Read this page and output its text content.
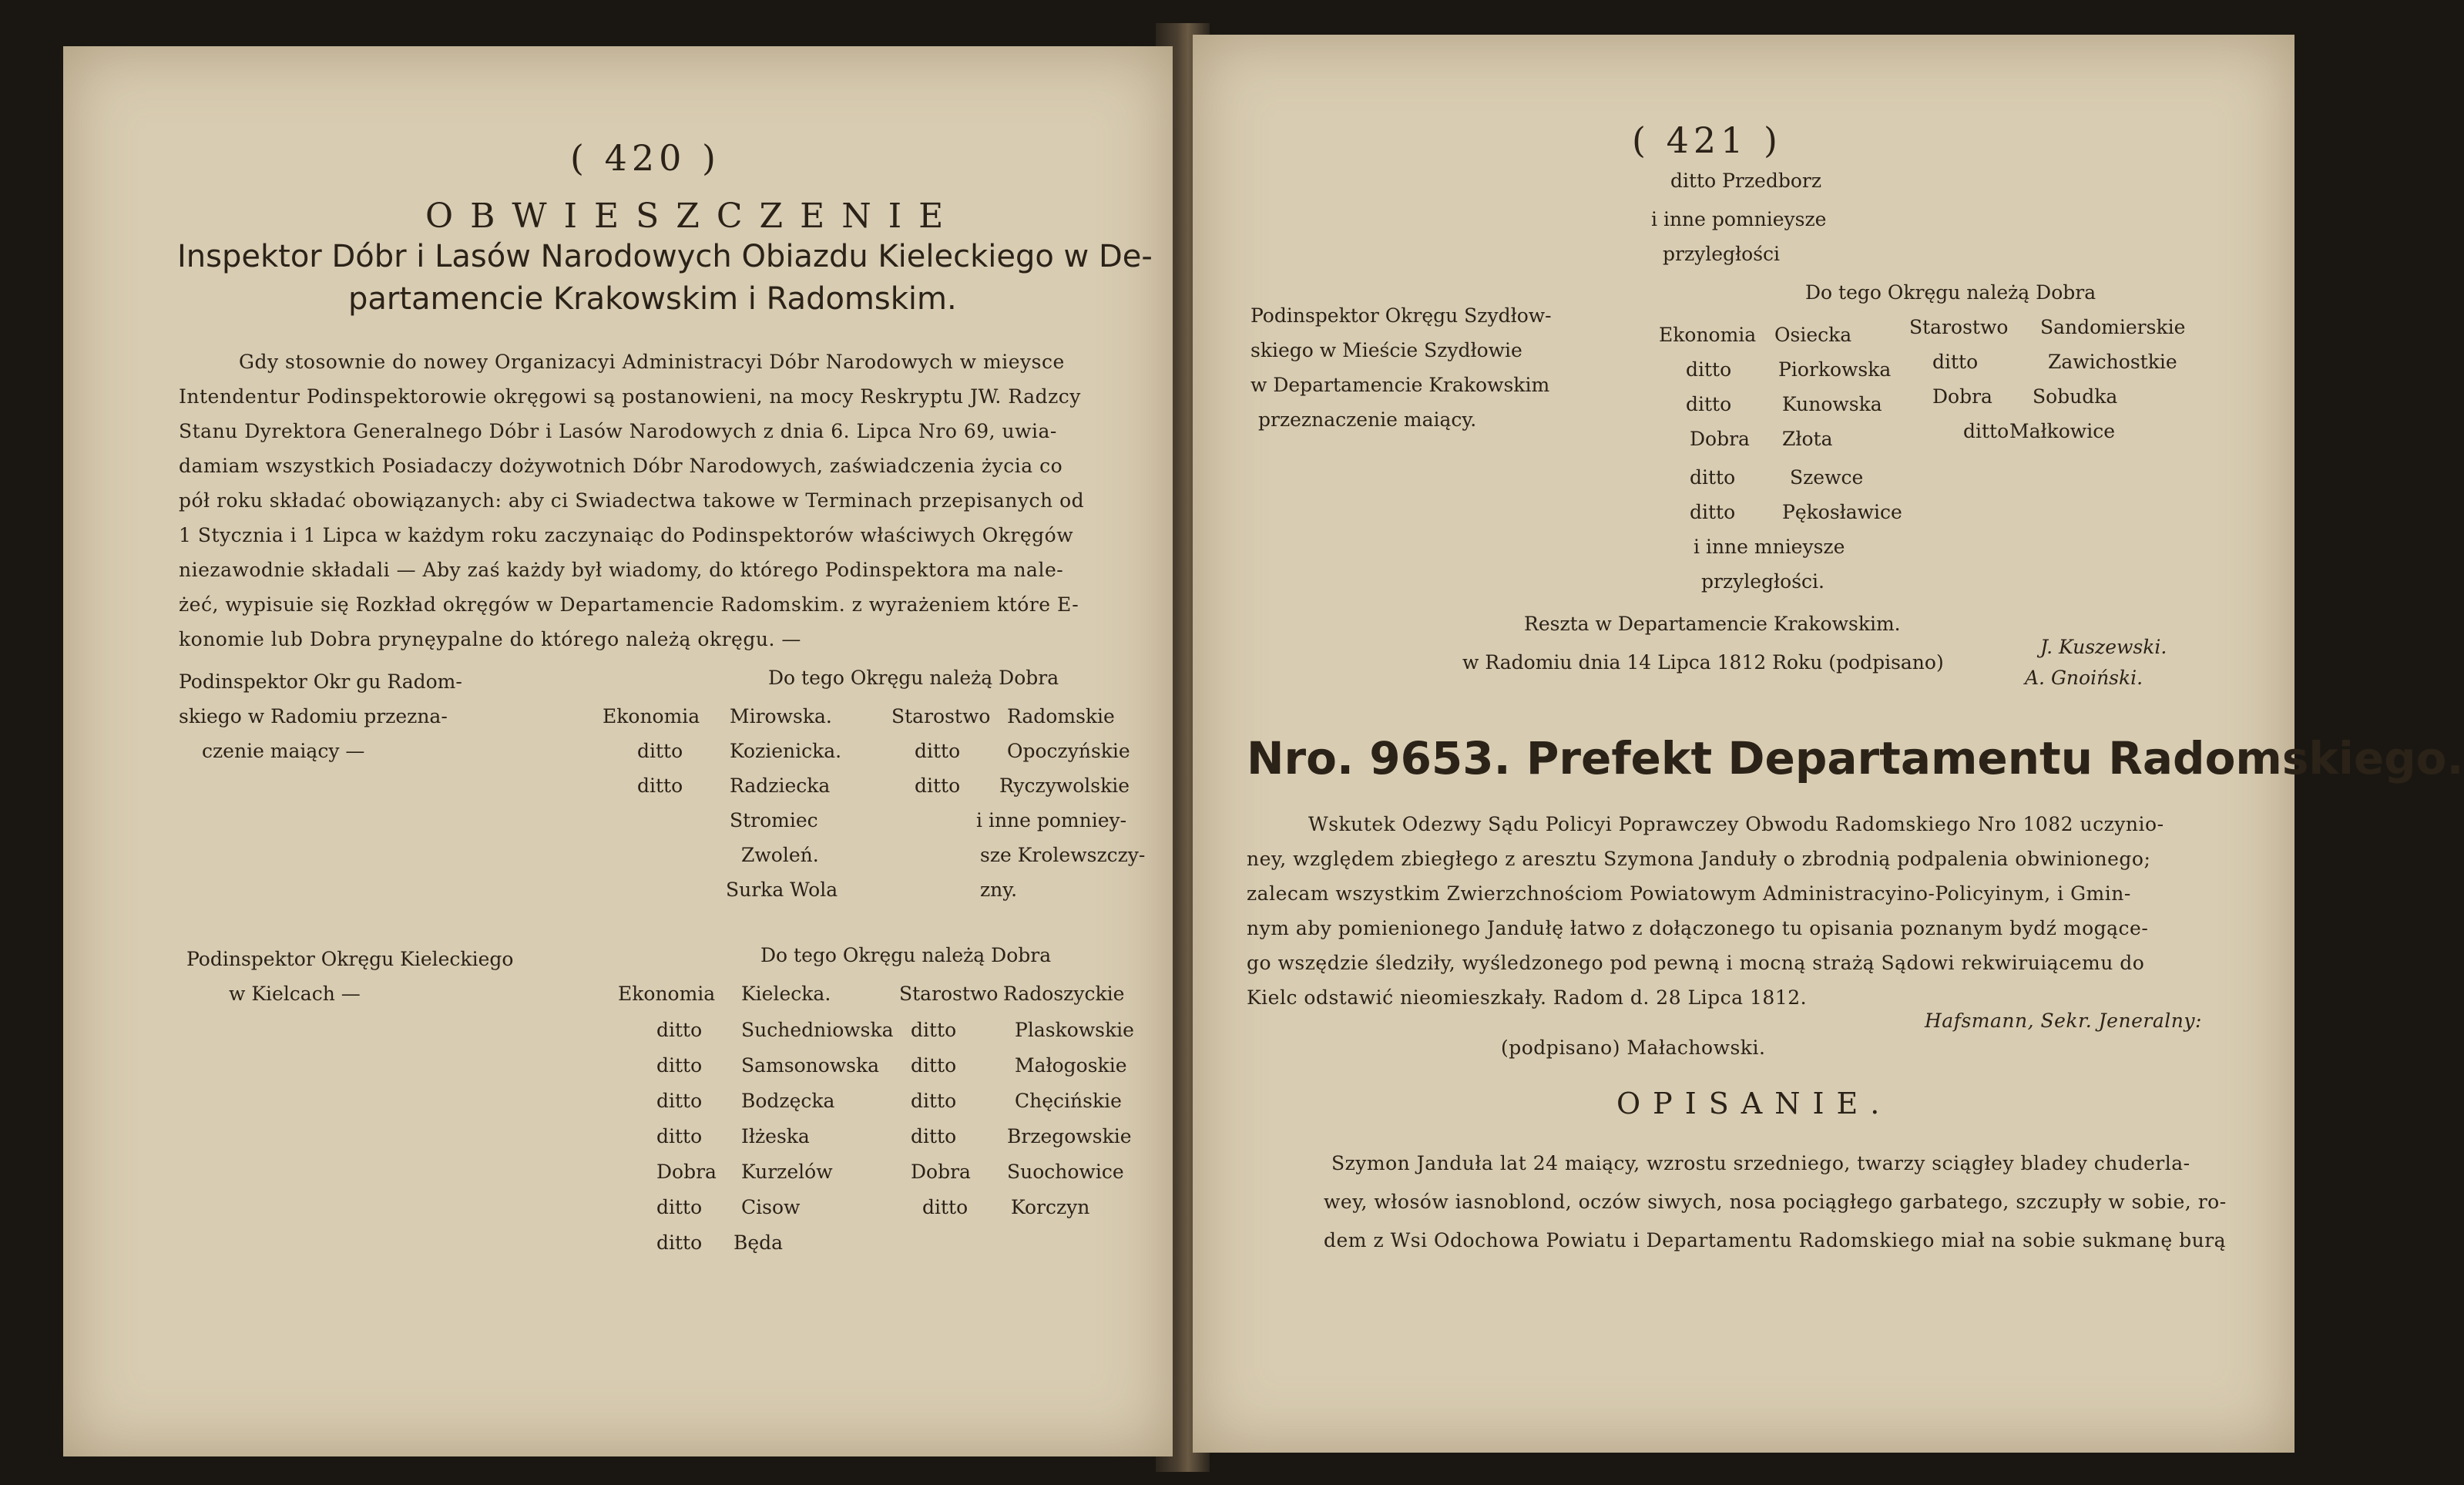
( 420 )
OBWIESZCZENIE
Inspektor Dóbr i Lasów Narodowych Obiazdu Kieleckiego w De-
partamencie Krakowskim i Radomskim.
Gdy stosownie do nowey Organizacyi Administracyi Dóbr Narodowych w mieysce
Intendentur Podinspektorowie okręgowi są postanowieni, na mocy Reskryptu JW. Radzcy
Stanu Dyrektora Generalnego Dóbr i Lasów Narodowych z dnia 6. Lipca Nro 69, uwia-
damiam wszystkich Posiadaczy dożywotnich Dóbr Narodowych, zaświadczenia życia co
pół roku składać obowiązanych: aby ci Swiadectwa takowe w Terminach przepisanych od
1 Stycznia i 1 Lipca w każdym roku zaczynaiąc do Podinspektorów właściwych Okręgów
niezawodnie składali — Aby zaś każdy był wiadomy, do którego Podinspektora ma nale-
żeć, wypisuie się Rozkład okręgów w Departamencie Radomskim. z wyrażeniem które E-
konomie lub Dobra prynęypalne do którego należą okręgu. —
Podinspektor Okr gu Radom-
skiego w Radomiu przezna-
czenie maiący —
Do tego Okręgu należą Dobra
Ekonomia
ditto
ditto
Mirowska.
Kozienicka.
Radziecka
Stromiec
Zwoleń.
Surka Wola
Starostwo
ditto
ditto
Radomskie
Opoczyńskie
Ryczywolskie
i inne pomniey-
sze Krolewszczy-
zny.
Podinspektor Okręgu Kieleckiego
w Kielcach —
Do tego Okręgu należą Dobra
Ekonomia
ditto
ditto
ditto
ditto
Dobra
ditto
ditto
Kielecka.
Suchedniowska
Samsonowska
Bodzęcka
Iłżeska
Kurzelów
Cisow
Będa
Starostwo
ditto
ditto
ditto
ditto
Dobra
ditto
Radoszyckie
Plaskowskie
Małogoskie
Chęcińskie
Brzegowskie
Suochowice
Korczyn
( 421 )
ditto Przedborz
i inne pomnieysze
przyległości
Podinspektor Okręgu Szydłow-
skiego w Mieście Szydłowie
w Departamencie Krakowskim
przeznaczenie maiący.
Do tego Okręgu należą Dobra
Ekonomia
ditto
ditto
Dobra
ditto
ditto
Osiecka
Piorkowska
Kunowska
Złota
Szewce
Pękosławice
Starostwo
ditto
Dobra
ditto
Sandomierskie
Zawichostkie
Sobudka
Małkowice
i inne mnieysze
przyległości.
Reszta w Departamencie Krakowskim.
w Radomiu dnia 14 Lipca 1812 Roku (podpisano)
J. Kuszewski.
A. Gnoiński.
Nro. 9653. Prefekt Departamentu Radomskiego.
Wskutek Odezwy Sądu Policyi Poprawczey Obwodu Radomskiego Nro 1082 uczynio-
ney, względem zbiegłego z aresztu Szymona Janduły o zbrodnią podpalenia obwinionego;
zalecam wszystkim Zwierzchnościom Powiatowym Administracyino-Policyinym, i Gmin-
nym aby pomienionego Jandułę łatwo z dołączonego tu opisania poznanym bydź mogące-
go wszędzie śledziły, wyśledzonego pod pewną i mocną strażą Sądowi rekwiruiącemu do
Kielc odstawić nieomieszkały. Radom d. 28 Lipca 1812.
Hafsmann, Sekr. Jeneralny:
(podpisano) Małachowski.
OPISANIE.
Szymon Janduła lat 24 maiący, wzrostu srzedniego, twarzy sciągłey bladey chuderla-
wey, włosów iasnoblond, oczów siwych, nosa pociągłego garbatego, szczupły w sobie, ro-
dem z Wsi Odochowa Powiatu i Departamentu Radomskiego miał na sobie sukmanę burą
